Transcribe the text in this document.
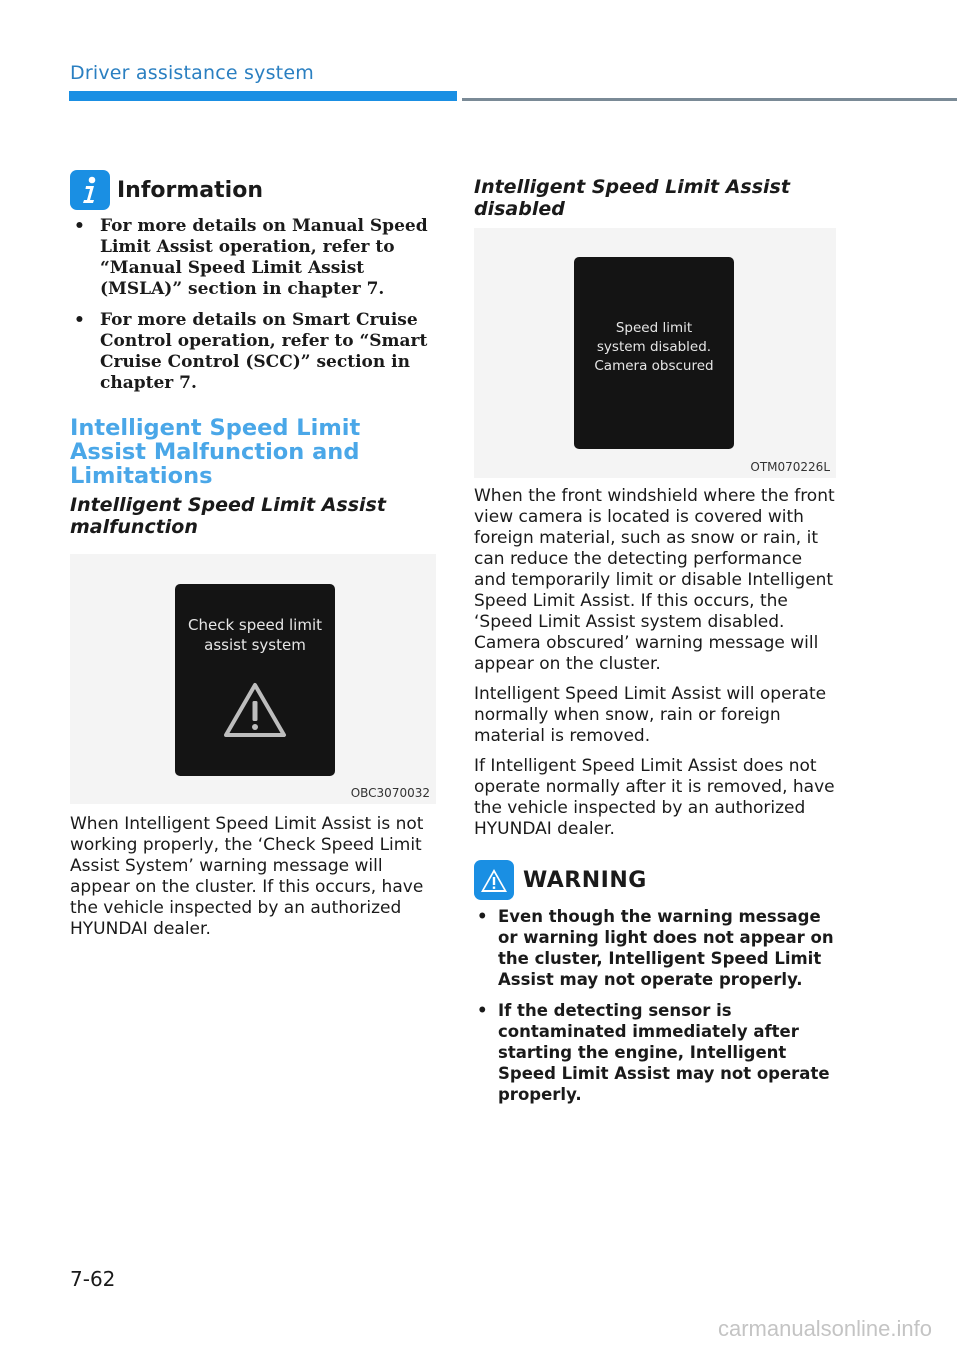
Driver assistance system
Information
• For more details on Manual Speed Limit Assist operation, refer to “Manual Speed Limit Assist (MSLA)” section in chapter 7.
• For more details on Smart Cruise Control operation, refer to “Smart Cruise Control (SCC)” section in chapter 7.
Intelligent Speed Limit Assist Malfunction and Limitations
Intelligent Speed Limit Assist malfunction
Check speed limit
assist system
OBC3070032

When Intelligent Speed Limit Assist is not working properly, the ‘Check Speed Limit Assist System’ warning message will appear on the cluster. If this occurs, have the vehicle inspected by an authorized HYUNDAI dealer.

Intelligent Speed Limit Assist disabled
Speed limit
system disabled.
Camera obscured
OTM070226L

When the front windshield where the front view camera is located is covered with foreign material, such as snow or rain, it can reduce the detecting performance and temporarily limit or disable Intelligent Speed Limit Assist. If this occurs, the ‘Speed Limit Assist system disabled. Camera obscured’ warning message will appear on the cluster.

Intelligent Speed Limit Assist will operate normally when snow, rain or foreign material is removed.

If Intelligent Speed Limit Assist does not operate normally after it is removed, have the vehicle inspected by an authorized HYUNDAI dealer.

WARNING
• Even though the warning message or warning light does not appear on the cluster, Intelligent Speed Limit Assist may not operate properly.
• If the detecting sensor is contaminated immediately after starting the engine, Intelligent Speed Limit Assist may not operate properly.
7-62
carmanualsonline.info
